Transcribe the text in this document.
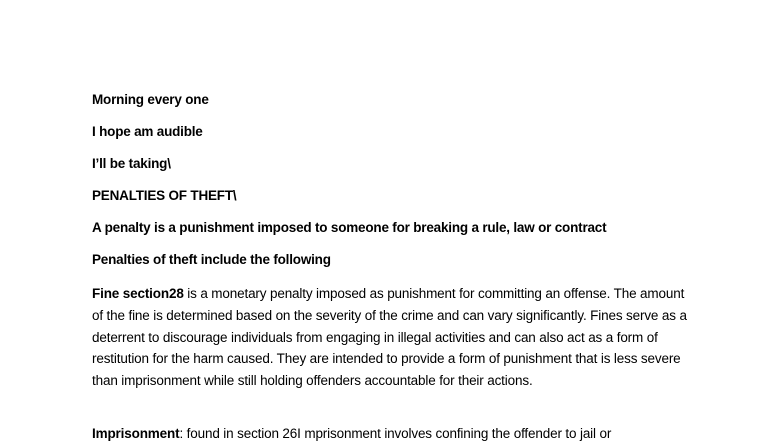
Morning every one

I hope am audible

I’ll be taking\

PENALTIES OF THEFT\

A penalty is a punishment imposed to someone for breaking a rule, law or contract

Penalties of theft include the following

Fine section28 is a monetary penalty imposed as punishment for committing an offense. The amount of the fine is determined based on the severity of the crime and can vary significantly. Fines serve as a deterrent to discourage individuals from engaging in illegal activities and can also act as a form of restitution for the harm caused. They are intended to provide a form of punishment that is less severe than imprisonment while still holding offenders accountable for their actions.

Imprisonment: found in section 26I mprisonment involves confining the offender to jail or
